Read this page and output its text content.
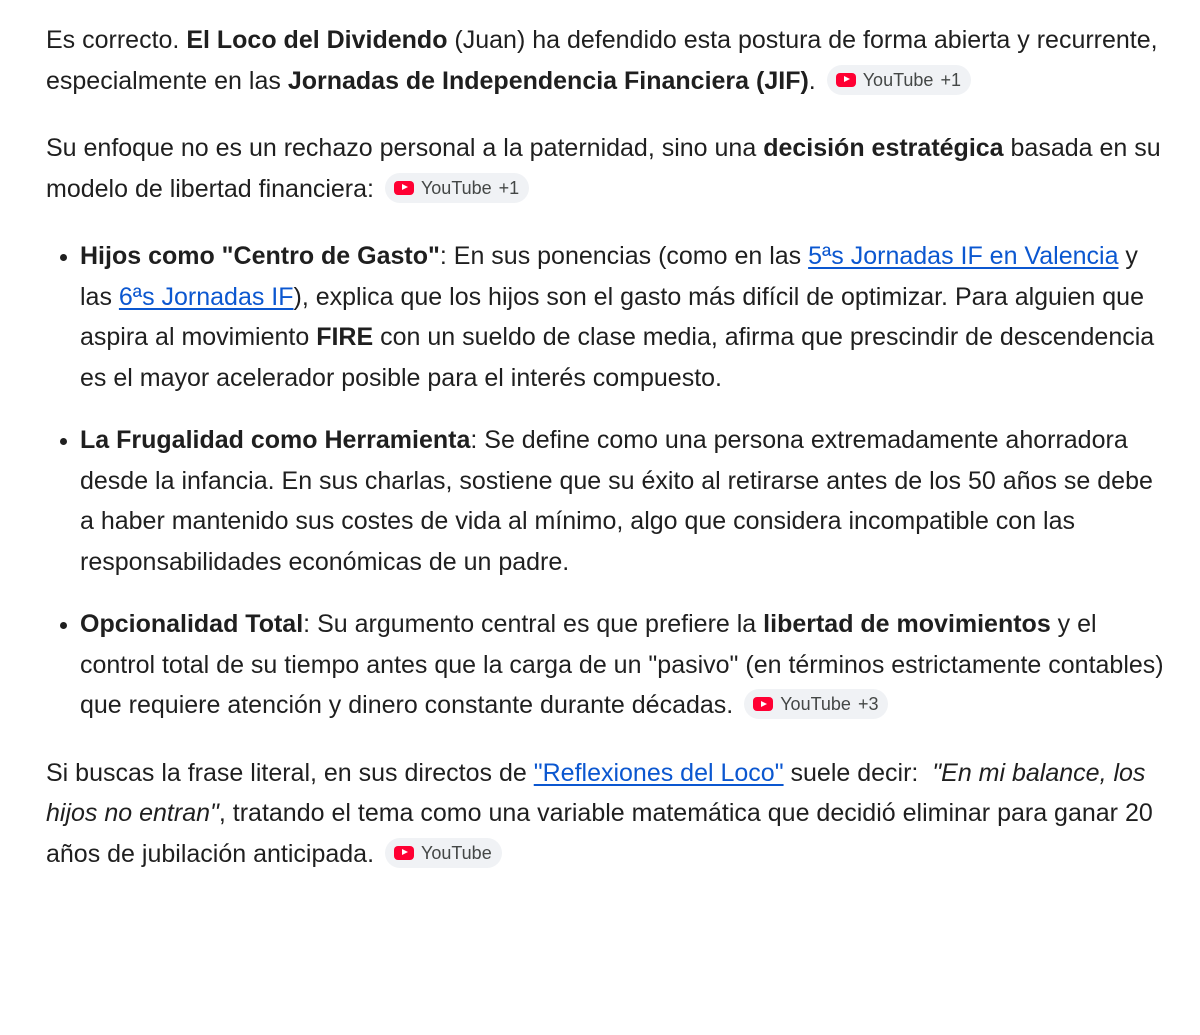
Es correcto. El Loco del Dividendo (Juan) ha defendido esta postura de forma abierta y recurrente, especialmente en las Jornadas de Independencia Financiera (JIF).	YouTube +1

Su enfoque no es un rechazo personal a la paternidad, sino una decisión estratégica basada en su modelo de libertad financiera:	YouTube +1

• Hijos como "Centro de Gasto": En sus ponencias (como en las 5ªs Jornadas IF en Valencia y las 6ªs Jornadas IF), explica que los hijos son el gasto más difícil de optimizar. Para alguien que aspira al movimiento FIRE con un sueldo de clase media, afirma que prescindir de descendencia es el mayor acelerador posible para el interés compuesto.
• La Frugalidad como Herramienta: Se define como una persona extremadamente ahorradora desde la infancia. En sus charlas, sostiene que su éxito al retirarse antes de los 50 años se debe a haber mantenido sus costes de vida al mínimo, algo que considera incompatible con las responsabilidades económicas de un padre.
• Opcionalidad Total: Su argumento central es que prefiere la libertad de movimientos y el control total de su tiempo antes que la carga de un "pasivo" (en términos estrictamente contables) que requiere atención y dinero constante durante décadas.	YouTube +3

Si buscas la frase literal, en sus directos de "Reflexiones del Loco" suele decir:  "En mi balance, los hijos no entran", tratando el tema como una variable matemática que decidió eliminar para ganar 20 años de jubilación anticipada.	YouTube
